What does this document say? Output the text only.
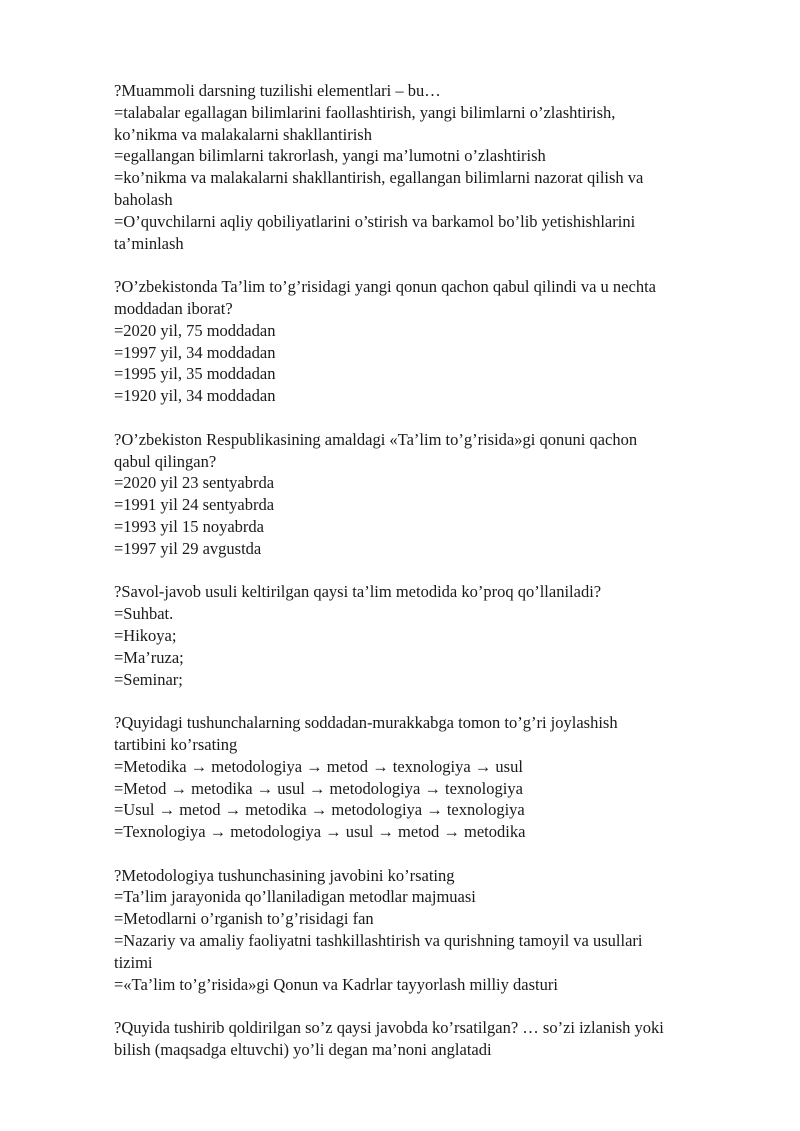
?Muammoli darsning tuzilishi elementlari – bu…
=talabalar egallagan bilimlarini faollashtirish, yangi bilimlarni o’zlashtirish,
ko’nikma va malakalarni shakllantirish
=egallangan bilimlarni takrorlash, yangi ma’lumotni o’zlashtirish
=ko’nikma va malakalarni shakllantirish, egallangan bilimlarni nazorat qilish va
baholash
=O’quvchilarni aqliy qobiliyatlarini o’stirish va barkamol bo’lib yetishishlarini
ta’minlash
?O’zbekistonda Ta’lim to’g’risidagi yangi qonun qachon qabul qilindi va u nechta
moddadan iborat?
=2020 yil, 75 moddadan
=1997 yil, 34 moddadan
=1995 yil, 35 moddadan
=1920 yil, 34 moddadan
?O’zbekiston Respublikasining amaldagi «Ta’lim to’g’risida»gi qonuni qachon
qabul qilingan?
=2020 yil 23 sentyabrda
=1991 yil 24 sentyabrda
=1993 yil 15 noyabrda
=1997 yil 29 avgustda
?Savol-javob usuli keltirilgan qaysi ta’lim metodida ko’proq qo’llaniladi?
=Suhbat.
=Hikoya;
=Ma’ruza;
=Seminar;
?Quyidagi tushunchalarning soddadan-murakkabga tomon to’g’ri joylashish
tartibini ko’rsating
=Metodika → metodologiya → metod → texnologiya → usul
=Metod → metodika → usul → metodologiya → texnologiya
=Usul → metod → metodika → metodologiya → texnologiya
=Texnologiya → metodologiya → usul → metod → metodika
?Metodologiya tushunchasining javobini ko’rsating
=Ta’lim jarayonida qo’llaniladigan metodlar majmuasi
=Metodlarni o’rganish to’g’risidagi fan
=Nazariy va amaliy faoliyatni tashkillashtirish va qurishning tamoyil va usullari
tizimi
=«Ta’lim to’g’risida»gi Qonun va Kadrlar tayyorlash milliy dasturi
?Quyida tushirib qoldirilgan so’z qaysi javobda ko’rsatilgan? … so’zi izlanish yoki
bilish (maqsadga eltuvchi) yo’li degan ma’noni anglatadi
